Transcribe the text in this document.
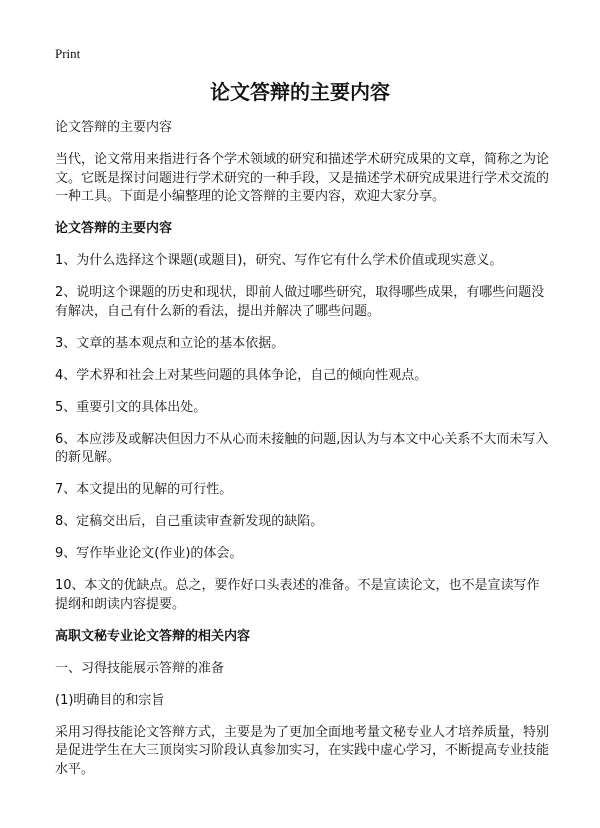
Print
论文答辩的主要内容

论文答辩的主要内容

当代，论文常用来指进行各个学术领域的研究和描述学术研究成果的文章，简称之为论文。它既是探讨问题进行学术研究的一种手段，又是描述学术研究成果进行学术交流的一种工具。下面是小编整理的论文答辩的主要内容，欢迎大家分享。

论文答辩的主要内容

1、为什么选择这个课题(或题目)，研究、写作它有什么学术价值或现实意义。

2、说明这个课题的历史和现状，即前人做过哪些研究，取得哪些成果，有哪些问题没有解决，自己有什么新的看法，提出并解决了哪些问题。

3、文章的基本观点和立论的基本依据。

4、学术界和社会上对某些问题的具体争论，自己的倾向性观点。

5、重要引文的具体出处。

6、本应涉及或解决但因力不从心而未接触的问题,因认为与本文中心关系不大而未写入的新见解。

7、本文提出的见解的可行性。

8、定稿交出后，自己重读审查新发现的缺陷。

9、写作毕业论文(作业)的体会。

10、本文的优缺点。总之，要作好口头表述的准备。不是宣读论文，也不是宣读写作提纲和朗读内容提要。

高职文秘专业论文答辩的相关内容

一、习得技能展示答辩的准备

(1)明确目的和宗旨

采用习得技能论文答辩方式，主要是为了更加全面地考量文秘专业人才培养质量，特别是促进学生在大三顶岗实习阶段认真参加实习，在实践中虚心学习，不断提高专业技能水平。
